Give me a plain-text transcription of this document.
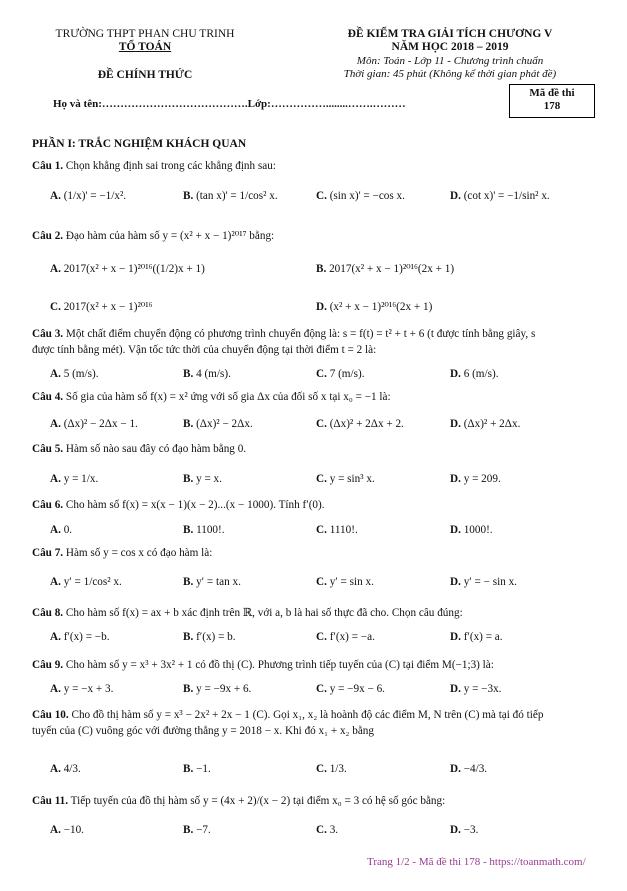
TRƯỜNG THPT PHAN CHU TRINH
TỔ TOÁN
ĐỀ CHÍNH THỨC
ĐỀ KIỂM TRA GIẢI TÍCH CHƯƠNG V
NĂM HỌC 2018 – 2019
Môn: Toán - Lớp 11 - Chương trình chuẩn
Thời gian: 45 phút (Không kể thời gian phát đề)
Họ và tên:………………………………….Lớp:……………........…….………
Mã đề thi
178
PHẦN I: TRẮC NGHIỆM KHÁCH QUAN
Câu 1. Chọn khẳng định sai trong các khẳng định sau:
A. (1/x)' = −1/x².	B. (tan x)' = 1/cos² x.	C. (sin x)' = −cos x.	D. (cot x)' = −1/sin² x.
Câu 2. Đạo hàm của hàm số y = (x² + x − 1)²⁰¹⁷ bằng:
A. 2017(x² + x − 1)²⁰¹⁶((1/2)x + 1)	B. 2017(x² + x − 1)²⁰¹⁶(2x + 1)
C. 2017(x² + x − 1)²⁰¹⁶	D. (x² + x − 1)²⁰¹⁶(2x + 1)
Câu 3. Một chất điểm chuyển động có phương trình chuyển động là: s = f(t) = t² + t + 6 (t được tính bằng giây, s
được tính bằng mét). Vận tốc tức thời của chuyển động tại thời điểm t = 2 là:
A. 5 (m/s).	B. 4 (m/s).	C. 7 (m/s).	D. 6 (m/s).
Câu 4. Số gia của hàm số f(x) = x² ứng với số gia Δx của đối số x tại x₀ = −1 là:
A. (Δx)² − 2Δx − 1.	B. (Δx)² − 2Δx.	C. (Δx)² + 2Δx + 2.	D. (Δx)² + 2Δx.
Câu 5. Hàm số nào sau đây có đạo hàm bằng 0.
A. y = 1/x.	B. y = x.	C. y = sin³ x.	D. y = 209.
Câu 6. Cho hàm số f(x) = x(x − 1)(x − 2)...(x − 1000). Tính f′(0).
A. 0.	B. 1100!.	C. 1110!.	D. 1000!.
Câu 7. Hàm số y = cos x có đạo hàm là:
A. y′ = 1/cos² x.	B. y′ = tan x.	C. y′ = sin x.	D. y′ = − sin x.
Câu 8. Cho hàm số f(x) = ax + b xác định trên ℝ, với a, b là hai số thực đã cho. Chọn câu đúng:
A. f′(x) = −b.	B. f′(x) = b.	C. f′(x) = −a.	D. f′(x) = a.
Câu 9. Cho hàm số y = x³ + 3x² + 1 có đồ thị (C). Phương trình tiếp tuyến của (C) tại điểm M(−1;3) là:
A. y = −x + 3.	B. y = −9x + 6.	C. y = −9x − 6.	D. y = −3x.
Câu 10. Cho đồ thị hàm số y = x³ − 2x² + 2x − 1 (C). Gọi x₁, x₂ là hoành độ các điểm M, N trên (C) mà tại đó tiếp
tuyến của (C) vuông góc với đường thẳng y = 2018 − x. Khi đó x₁ + x₂ bằng
A. 4/3.	B. −1.	C. 1/3.	D. −4/3.
Câu 11. Tiếp tuyến của đồ thị hàm số y = (4x + 2)/(x − 2) tại điểm x₀ = 3 có hệ số góc bằng:
A. −10.	B. −7.	C. 3.	D. −3.
Trang 1/2 - Mã đề thi 178 - https://toanmath.com/
